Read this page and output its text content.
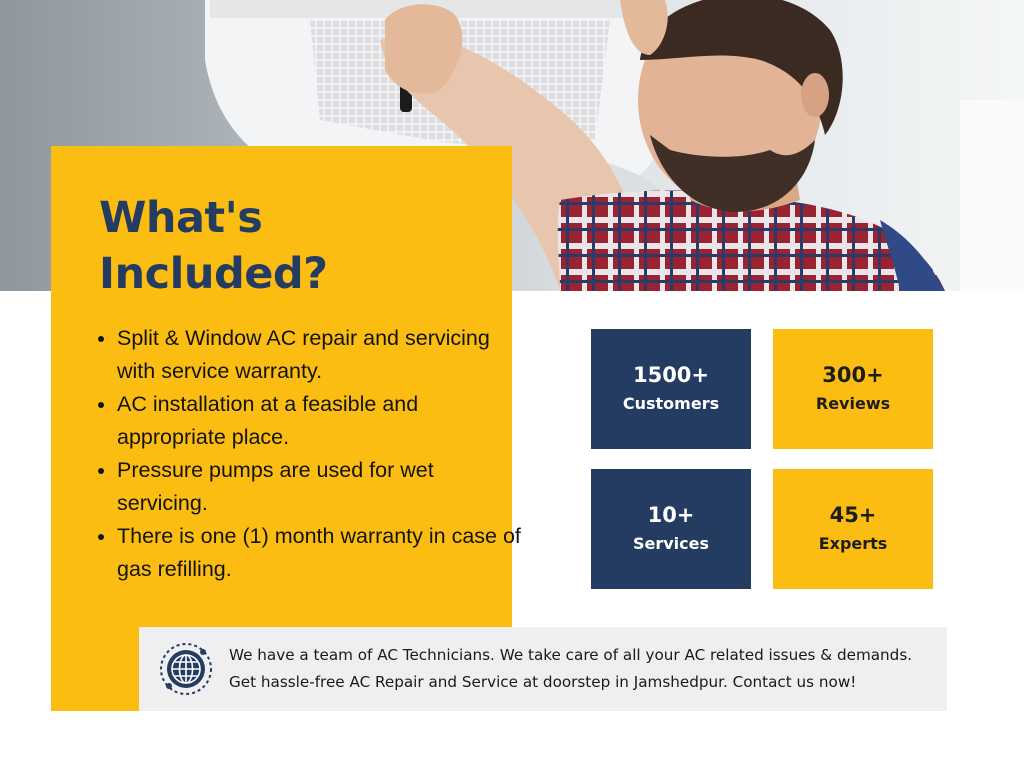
What's
Included?
• Split & Window AC repair and servicing with service warranty.
• AC installation at a feasible and appropriate place.
• Pressure pumps are used for wet servicing.
• There is one (1) month warranty in case of gas refilling.
1500+
Customers
300+
Reviews
10+
Services
45+
Experts

We have a team of AC Technicians. We take care of all your AC related issues & demands.

Get hassle-free AC Repair and Service at doorstep in Jamshedpur. Contact us now!
